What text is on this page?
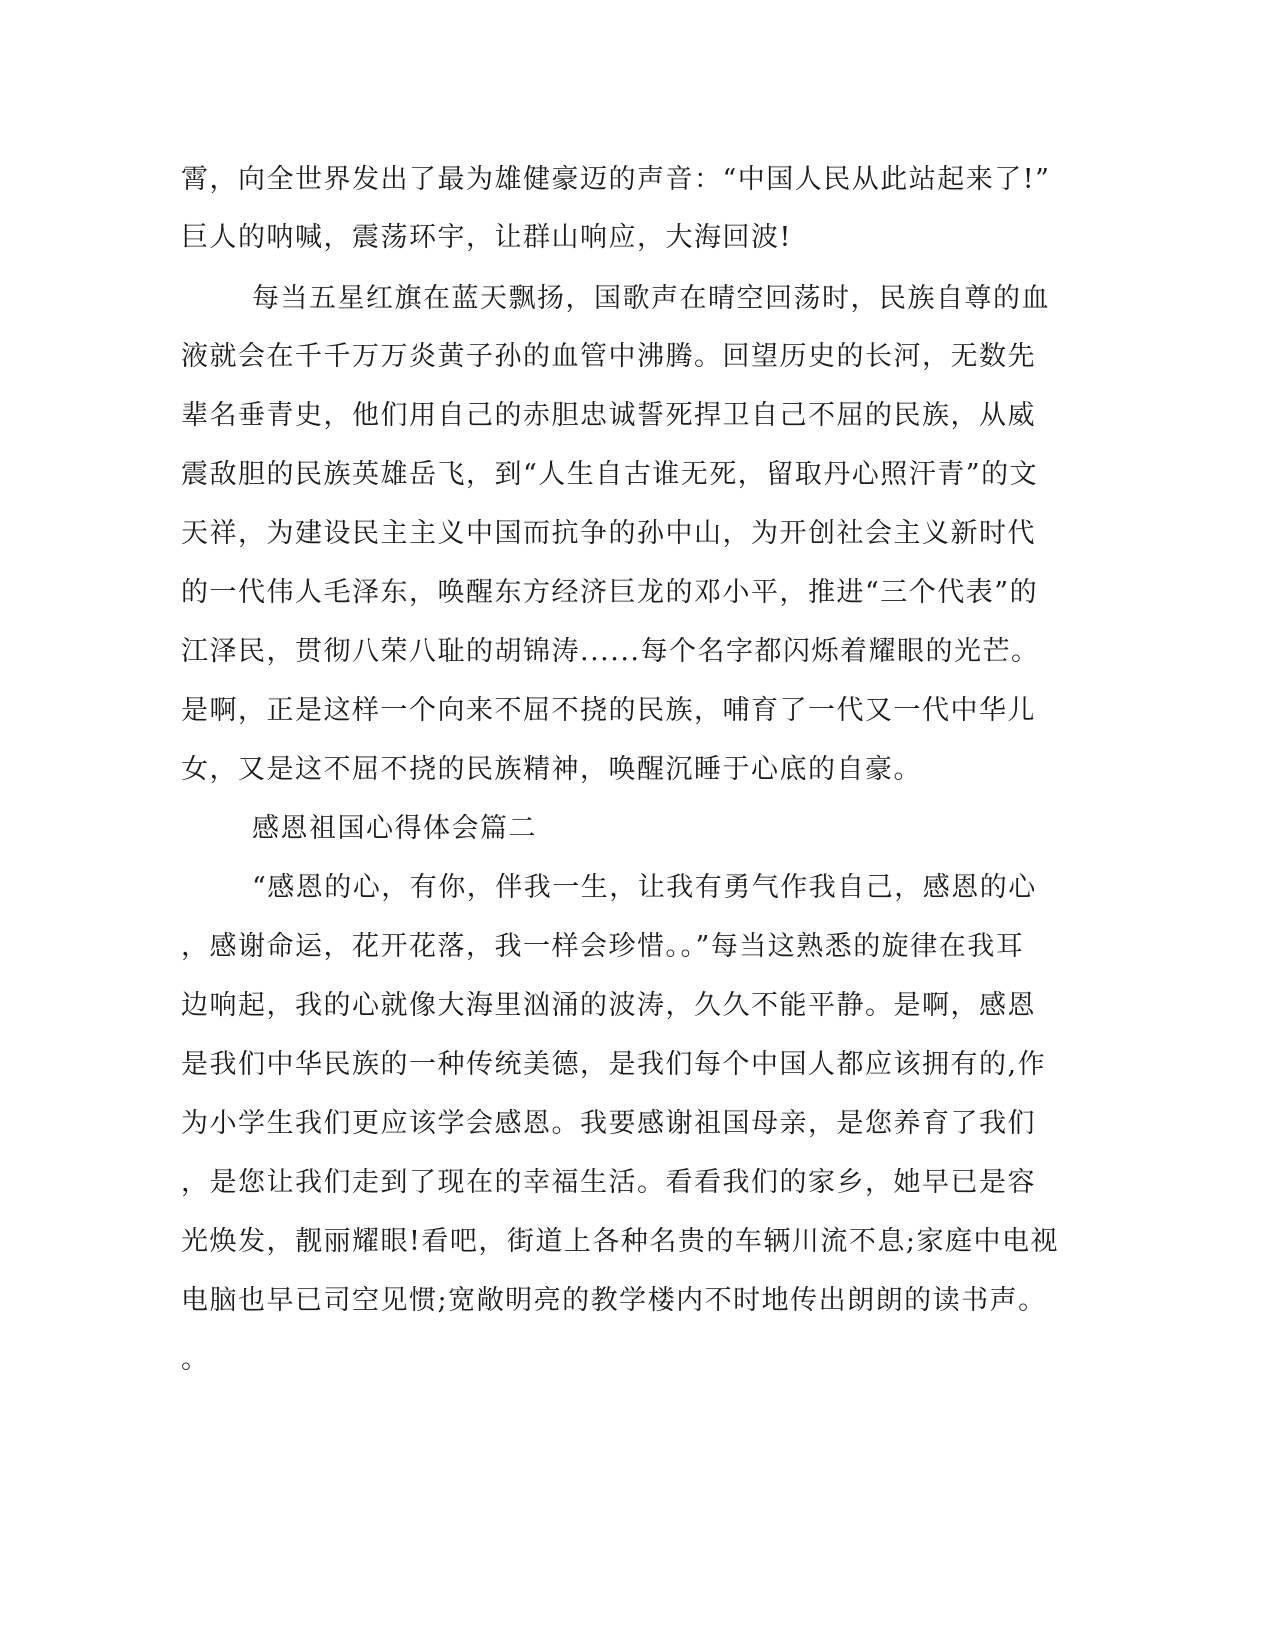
霄，向全世界发出了最为雄健豪迈的声音：“中国人民从此站起来了!”
巨人的呐喊，震荡环宇，让群山响应，大海回波!
每当五星红旗在蓝天飘扬，国歌声在晴空回荡时，民族自尊的血
液就会在千千万万炎黄子孙的血管中沸腾。回望历史的长河，无数先
辈名垂青史，他们用自己的赤胆忠诚誓死捍卫自己不屈的民族，从威
震敌胆的民族英雄岳飞，到“人生自古谁无死，留取丹心照汗青”的文
天祥，为建设民主主义中国而抗争的孙中山，为开创社会主义新时代
的一代伟人毛泽东，唤醒东方经济巨龙的邓小平，推进“三个代表”的
江泽民，贯彻八荣八耻的胡锦涛......每个名字都闪烁着耀眼的光芒。
是啊，正是这样一个向来不屈不挠的民族，哺育了一代又一代中华儿
女，又是这不屈不挠的民族精神，唤醒沉睡于心底的自豪。
感恩祖国心得体会篇二
“感恩的心，有你，伴我一生，让我有勇气作我自己，感恩的心
，感谢命运，花开花落，我一样会珍惜。。”每当这熟悉的旋律在我耳
边响起，我的心就像大海里汹涌的波涛，久久不能平静。是啊，感恩
是我们中华民族的一种传统美德，是我们每个中国人都应该拥有的,作
为小学生我们更应该学会感恩。我要感谢祖国母亲，是您养育了我们
，是您让我们走到了现在的幸福生活。看看我们的家乡，她早已是容
光焕发，靓丽耀眼!看吧，街道上各种名贵的车辆川流不息;家庭中电视
电脑也早已司空见惯;宽敞明亮的教学楼内不时地传出朗朗的读书声。
。
